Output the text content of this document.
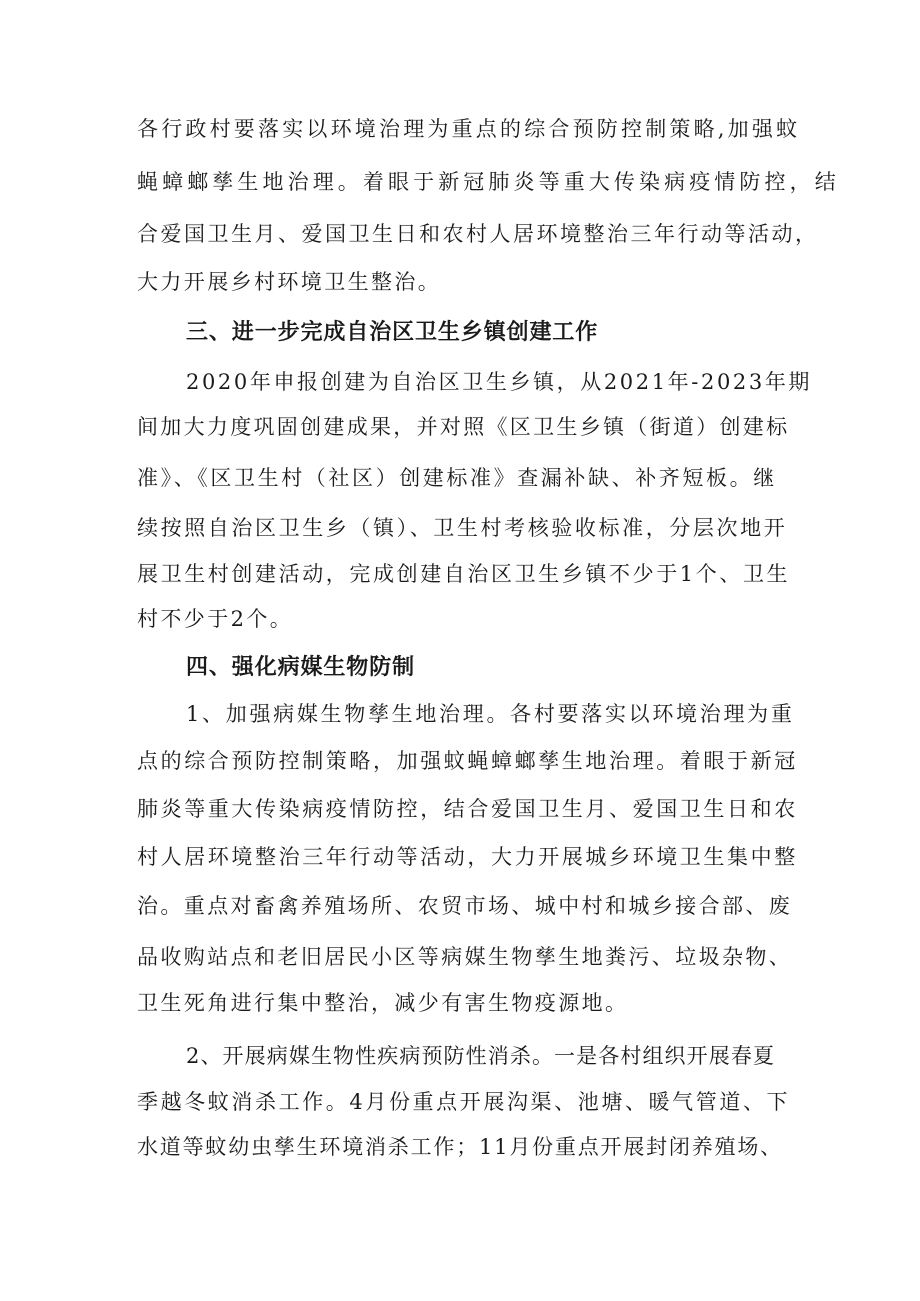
各行政村要落实以环境治理为重点的综合预防控制策略,加强蚊

蝇蟑螂孳生地治理。着眼于新冠肺炎等重大传染病疫情防控，结

合爱国卫生月、爱国卫生日和农村人居环境整治三年行动等活动，

大力开展乡村环境卫生整治。

三、进一步完成自治区卫生乡镇创建工作

2020年申报创建为自治区卫生乡镇，从2021年-2023年期

间加大力度巩固创建成果，并对照《区卫生乡镇（街道）创建标

准》、《区卫生村（社区）创建标准》查漏补缺、补齐短板。继

续按照自治区卫生乡（镇）、卫生村考核验收标准，分层次地开

展卫生村创建活动，完成创建自治区卫生乡镇不少于1个、卫生

村不少于2个。

四、强化病媒生物防制

1、加强病媒生物孳生地治理。各村要落实以环境治理为重

点的综合预防控制策略，加强蚊蝇蟑螂孳生地治理。着眼于新冠

肺炎等重大传染病疫情防控，结合爱国卫生月、爱国卫生日和农

村人居环境整治三年行动等活动，大力开展城乡环境卫生集中整

治。重点对畜禽养殖场所、农贸市场、城中村和城乡接合部、废

品收购站点和老旧居民小区等病媒生物孳生地粪污、垃圾杂物、

卫生死角进行集中整治，减少有害生物疫源地。

2、开展病媒生物性疾病预防性消杀。一是各村组织开展春夏

季越冬蚊消杀工作。4月份重点开展沟渠、池塘、暖气管道、下

水道等蚊幼虫孳生环境消杀工作；11月份重点开展封闭养殖场、
